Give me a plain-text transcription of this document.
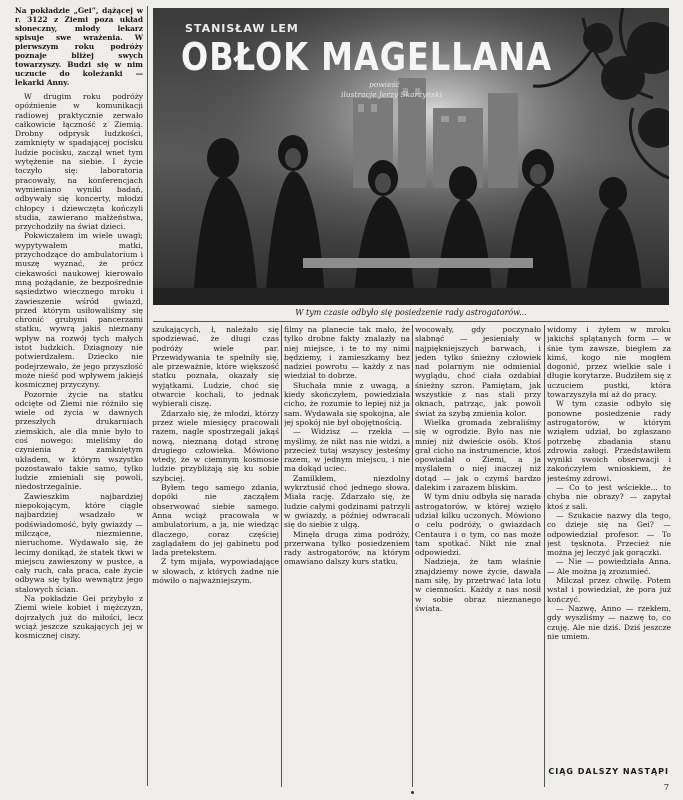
Na pokładzie „Gei”, dążącej w r. 3122 z Ziemi poza układ słoneczny, młody lekarz spisuje swe wrażenia. W pierwszym roku podróży poznaje bliżej swych towarzyszy. Budzi się w nim uczucie do koleżanki — lekarki Anny.

W drugim roku podróży opóźnienie w komunikacji radiowej praktycznie zerwało całkowicie łączność z Ziemią. Drobny odprysk ludzkości, zamknięty w spadającej pocisku ludzie pocisku, zaczął wnet tym wytężenie na siebie. I życie toczyło się: laboratoria pracowały, na konferencjach wymieniano wyniki badań, odbywały się koncerty, młodzi chłopcy i dziewczęta kończyli studia, zawierano małżeństwa, przychodziły na świat dzieci.

Pokwiczałem im wiele uwagi; wypytywałem matki, przychodzące do ambulatorium i muszę wyznać, że prócz ciekawości naukowej kierowało mną pożądanie, że bezpośrednie sąsiedztwo wiecznego mroku i zawieszenie wśród gwiazd, przed którym usiłowaliśmy się chronić grubymi pancerzami statku, wywrą jakiś nieznany wpływ na rozwój tych małych istot ludzkich. Dziagnozy nie potwierdzałem. Dziecko nie podejrzewało, że jego przyszłość może nieść pod wpływem jakiejś kosmicznej przyczyny.

Pozornie życie na statku odcięte od Ziemi nie różniło się wiele od życia w dawnych przeszłych drukarniach ziemskich, ale dla mnie było to coś nowego: mieliśmy do czynienia z zamkniętym układem, w którym wszystko pozostawało takie samo, tylko ludzie zmieniali się powoli, niedostrzegalnie.

Zawieszkim najbardziej niepokojącym, które ciągle najbardziej wsadzało w podświadomość, były gwiazdy — milczące, niezmienne, nieruchome. Wydawało się, że lecimy donikąd, że statek tkwi w miejscu zawieszony w pustce, a cały ruch, cała praca, całe życie odbywa się tylko wewnątrz jego stalowych ścian.

Na pokładzie Gei przybyło z Ziemi wiele kobiet i mężczyzn, dojrzałych już do miłości, lecz wciąż jeszcze szukających jej w kosmicznej ciszy.

STANISŁAW LEM
OBŁOK MAGELLANA
powieść
ilustracje Jerzy Skarżyński
W tym czasie odbyło się posiedzenie rady astrogatorów...

szukających, ł, należało się spodziewać, że długi czas podróży wiele par. Przewidywania te spełniły się, ale przeważnie, które większość statku poznała, okazały się wyjątkami. Ludzie, choć się otwarcie kochali, to jednak wybierali ciszę.

Zdarzało się, że młodzi, którzy przez wiele miesięcy pracowali razem, nagle spostrzegali jakąś nową, nieznaną dotąd stronę drugiego człowieka. Mówiono wtedy, że w ciemnym kosmosie ludzie przybliżają się ku sobie szybciej.

Byłem tego samego zdania, dopóki nie zacząłem obserwować siebie samego. Anna wciąż pracowała w ambulatorium, a ja, nie wiedząc dlaczego, coraz częściej zaglądałem do jej gabinetu pod lada pretekstem.

Z tym mijała, wypowiadające w słowach, z których żadne nie mówiło o najważniejszym.

filmy na planecie tak mało, że tylko drobne fakty znalazły na niej miejsce, i te to my nimi będziemy, i zamieszkamy bez nadziei powrotu — każdy z nas wiedział to dobrze.

Słuchała mnie z uwagą, a kiedy skończyłem, powiedziała cicho, że rozumie to lepiej niż ja sam. Wydawała się spokojna, ale jej spokój nie był obojętnością.

— Widzisz — rzekła — myślimy, że nikt nas nie widzi, a przecież tutaj wszyscy jesteśmy razem, w jednym miejscu, i nie ma dokąd uciec.

Zamilkłem, niezdolny wykrztusić choć jednego słowa. Miała rację. Zdarzało się, że ludzie całymi godzinami patrzyli w gwiazdy, a później odwracali się do siebie z ulgą.

Minęła druga zima podróży, przerwana tylko posiedzeniem rady astrogatorów, na którym omawiano dalszy kurs statku.

wocowały, gdy poczynało słabnąć — jesieniały w najpiękniejszych barwach, i jeden tylko śnieżny człowiek nad polarnym nie odmienial wyglądu, choć ciała ozdabiał śnieżny szron. Pamiętam, jak wszystkie z nas stali przy oknach, patrząc, jak powoli świat za szybą zmienia kolor.

Wielka gromada zebraliśmy się w ogrodzie. Było nas nie mniej niż dwieście osób. Ktoś grał cicho na instrumencie, ktoś opowiadał o Ziemi, a ja myślałem o niej inaczej niż dotąd — jak o czymś bardzo dalekim i zarazem bliskim.

W tym dniu odbyła się narada astrogatorów, w której wzięło udział kilku uczonych. Mówiono o celu podróży, o gwiazdach Centaura i o tym, co nas może tam spotkać. Nikt nie znał odpowiedzi.

Nadzieja, że tam właśnie znajdziemy nowe życie, dawała nam siłę, by przetrwać lata lotu w ciemności. Każdy z nas nosił w sobie obraz nieznanego świata.

widomy i żyłem w mroku jakichś splątanych form — w śnie tym zawsze, biegłem za kimś, kogo nie mogłem dogonić, przez wielkie sale i długie korytarze. Budziłem się z uczuciem pustki, która towarzyszyła mi aż do pracy.

W tym czasie odbyło się ponowne posiedzenie rady astrogatorów, w którym wziąłem udział, bo zgłaszano potrzebę zbadania stanu zdrowia załogi. Przedstawiłem wyniki swoich obserwacji i zakończyłem wnioskiem, że jesteśmy zdrowi.

— Co to jest wściekłe... to chyba nie obrazy? — zapytał ktoś z sali.

— Szukacie nazwy dla tego, co dzieje się na Gei? — odpowiedział profesor. — To jest tęsknota. Przecież nie można jej leczyć jak gorączki.

— Nie — powiedziała Anna. — Ale można ją zrozumieć.

Milczał przez chwilę. Potem wstał i powiedział, że pora już kończyć.

— Nazwę, Anno — rzekłem, gdy wyszliśmy — nazwę to, co czuję. Ale nie dziś. Dziś jeszcze nie umiem.

CIĄG DALSZY NASTĄPI
7
